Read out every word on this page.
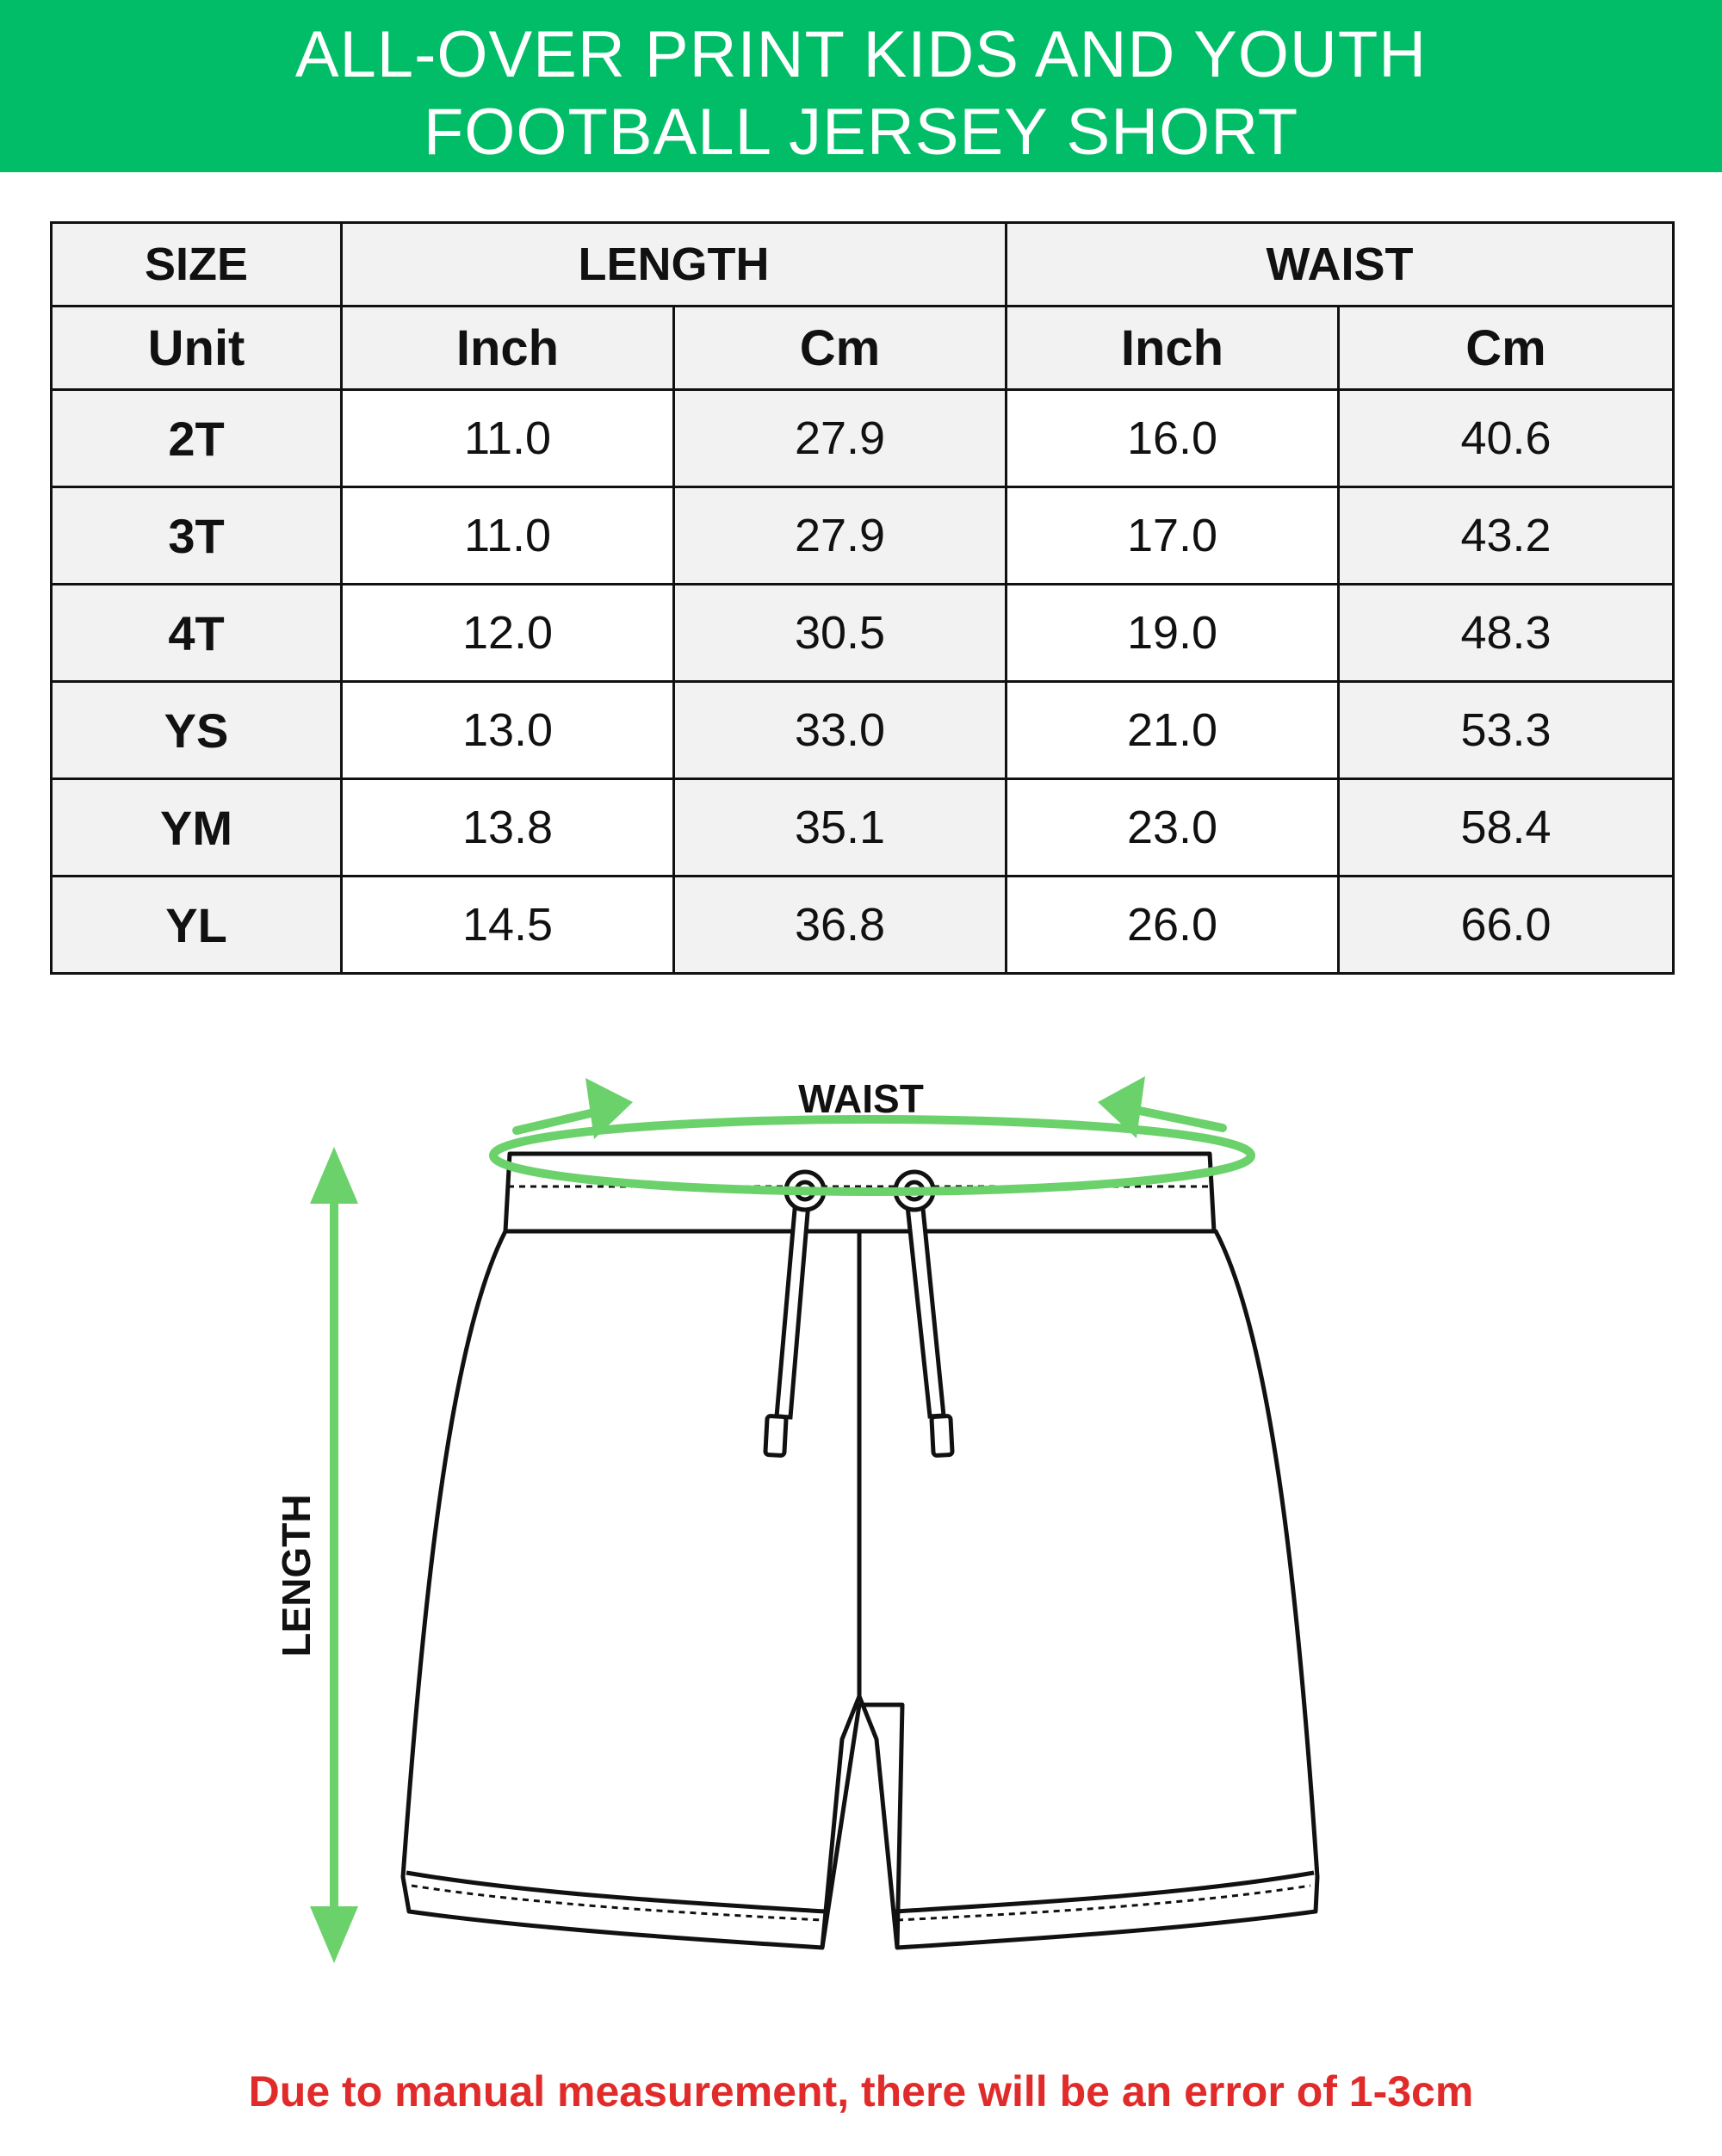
ALL-OVER PRINT KIDS AND YOUTH
FOOTBALL JERSEY SHORT
SIZE	LENGTH		WAIST	
Unit	Inch	Cm	Inch	Cm
2T	11.0	27.9	16.0	40.6
3T	11.0	27.9	17.0	43.2
4T	12.0	30.5	19.0	48.3
YS	13.0	33.0	21.0	53.3
YM	13.8	35.1	23.0	58.4
YL	14.5	36.8	26.0	66.0
WAIST
LENGTH
Due to manual measurement, there will be an error of 1-3cm
